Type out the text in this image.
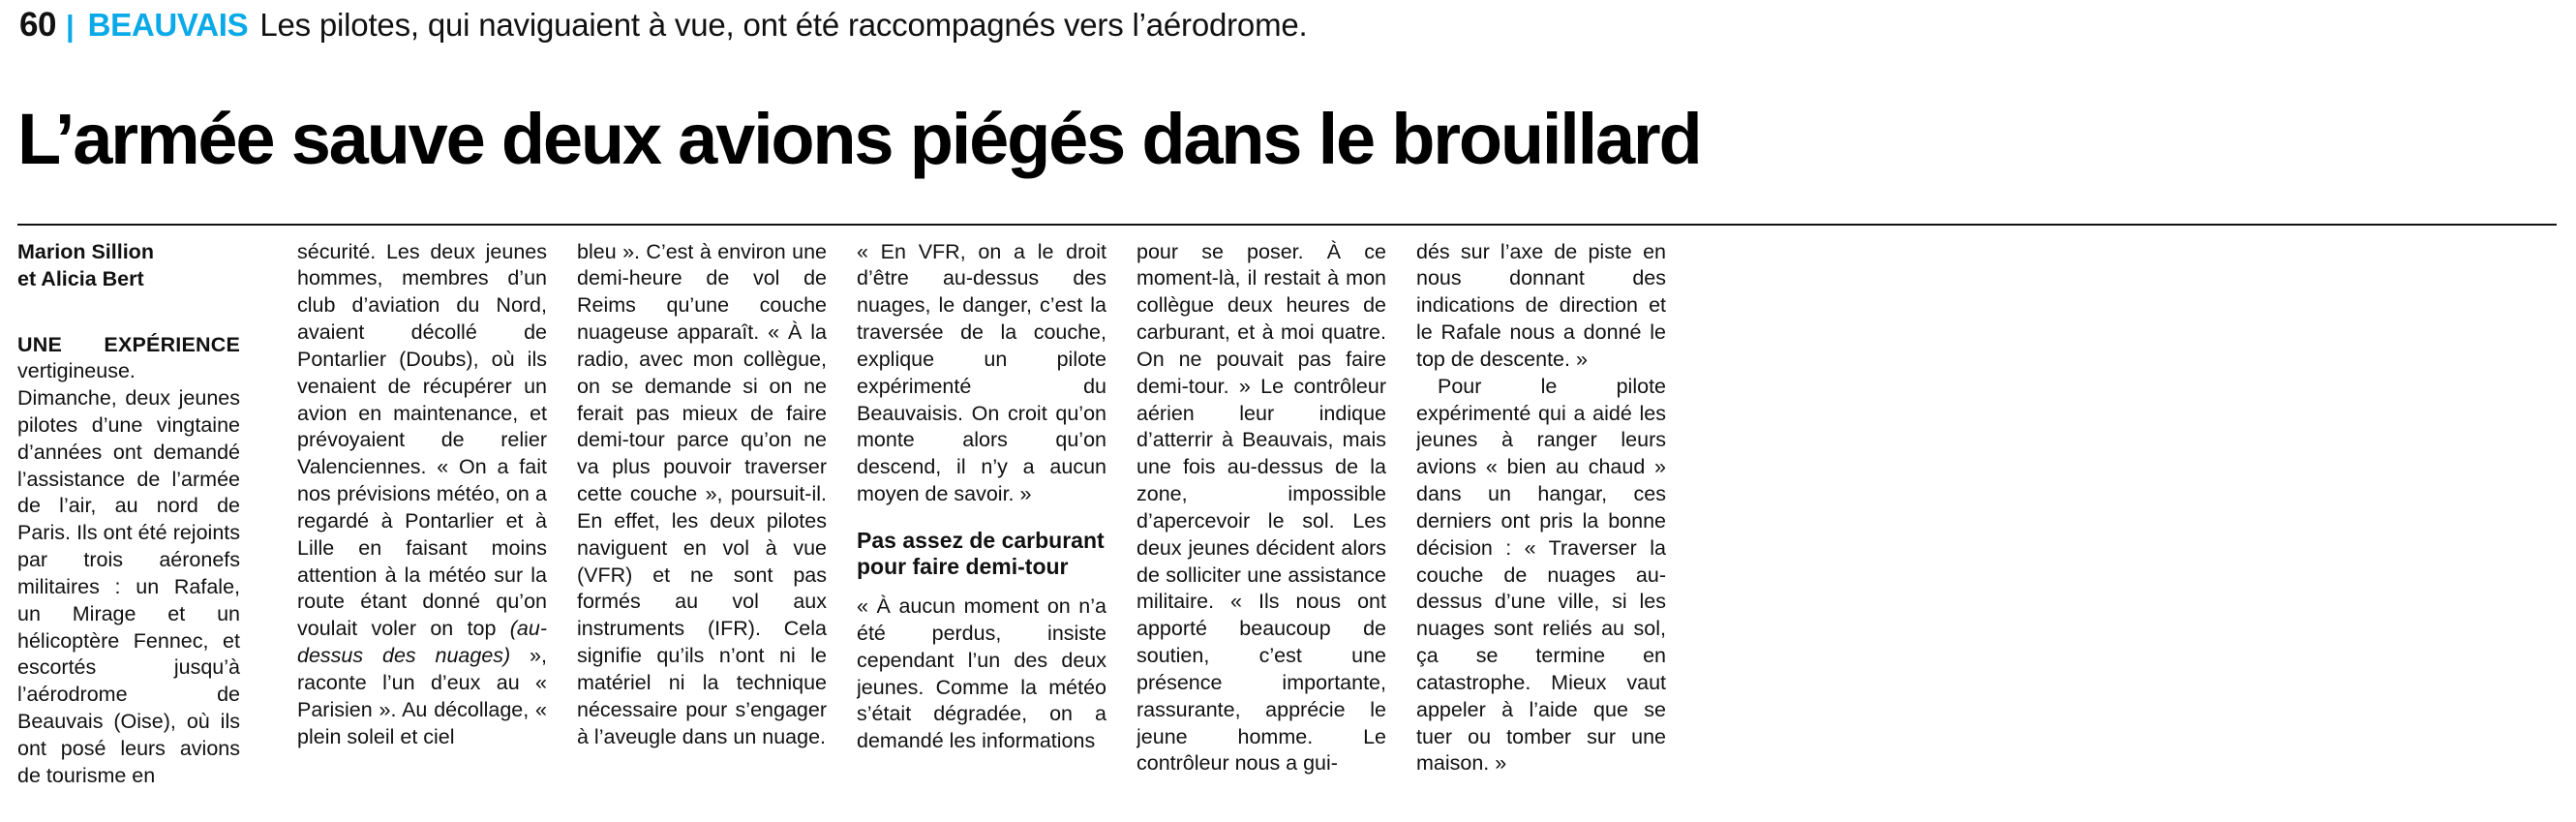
60 | BEAUVAIS Les pilotes, qui naviguaient à vue, ont été raccompagnés vers l’aérodrome.
L’armée sauve deux avions piégés dans le brouillard
Marion Sillion
et Alicia Bert

UNE EXPÉRIENCE vertigineuse. Dimanche, deux jeunes pilotes d’une vingtaine d’années ont demandé l’assistance de l’armée de l’air, au nord de Paris. Ils ont été rejoints par trois aéronefs militaires : un Rafale, un Mirage et un hélicoptère Fennec, et escortés jusqu’à l’aérodrome de Beauvais (Oise), où ils ont posé leurs avions de tourisme en

sécurité. Les deux jeunes hommes, membres d’un club d’aviation du Nord, avaient décollé de Pontarlier (Doubs), où ils venaient de récupérer un avion en maintenance, et prévoyaient de relier Valenciennes. « On a fait nos prévisions météo, on a regardé à Pontarlier et à Lille en faisant moins attention à la météo sur la route étant donné qu’on voulait voler on top (au-dessus des nuages) », raconte l’un d’eux au « Parisien ». Au décollage, « plein soleil et ciel

bleu ». C’est à environ une demi-heure de vol de Reims qu’une couche nuageuse apparaît. « À la radio, avec mon collègue, on se demande si on ne ferait pas mieux de faire demi-tour parce qu’on ne va plus pouvoir traverser cette couche », poursuit-il. En effet, les deux pilotes naviguent en vol à vue (VFR) et ne sont pas formés au vol aux instruments (IFR). Cela signifie qu’ils n’ont ni le matériel ni la technique nécessaire pour s’engager à l’aveugle dans un nuage.

« En VFR, on a le droit d’être au-dessus des nuages, le danger, c’est la traversée de la couche, explique un pilote expérimenté du Beauvaisis. On croit qu’on monte alors qu’on descend, il n’y a aucun moyen de savoir. »

Pas assez de carburant
pour faire demi-tour

« À aucun moment on n’a été perdus, insiste cependant l’un des deux jeunes. Comme la météo s’était dégradée, on a demandé les informations

pour se poser. À ce moment-là, il restait à mon collègue deux heures de carburant, et à moi quatre. On ne pouvait pas faire demi-tour. » Le contrôleur aérien leur indique d’atterrir à Beauvais, mais une fois au-dessus de la zone, impossible d’apercevoir le sol. Les deux jeunes décident alors de solliciter une assistance militaire. « Ils nous ont apporté beaucoup de soutien, c’est une présence importante, rassurante, apprécie le jeune homme. Le contrôleur nous a gui-

dés sur l’axe de piste en nous donnant des indications de direction et le Rafale nous a donné le top de descente. »

Pour le pilote expérimenté qui a aidé les jeunes à ranger leurs avions « bien au chaud » dans un hangar, ces derniers ont pris la bonne décision : « Traverser la couche de nuages au-dessus d’une ville, si les nuages sont reliés au sol, ça se termine en catastrophe. Mieux vaut appeler à l’aide que se tuer ou tomber sur une maison. »
